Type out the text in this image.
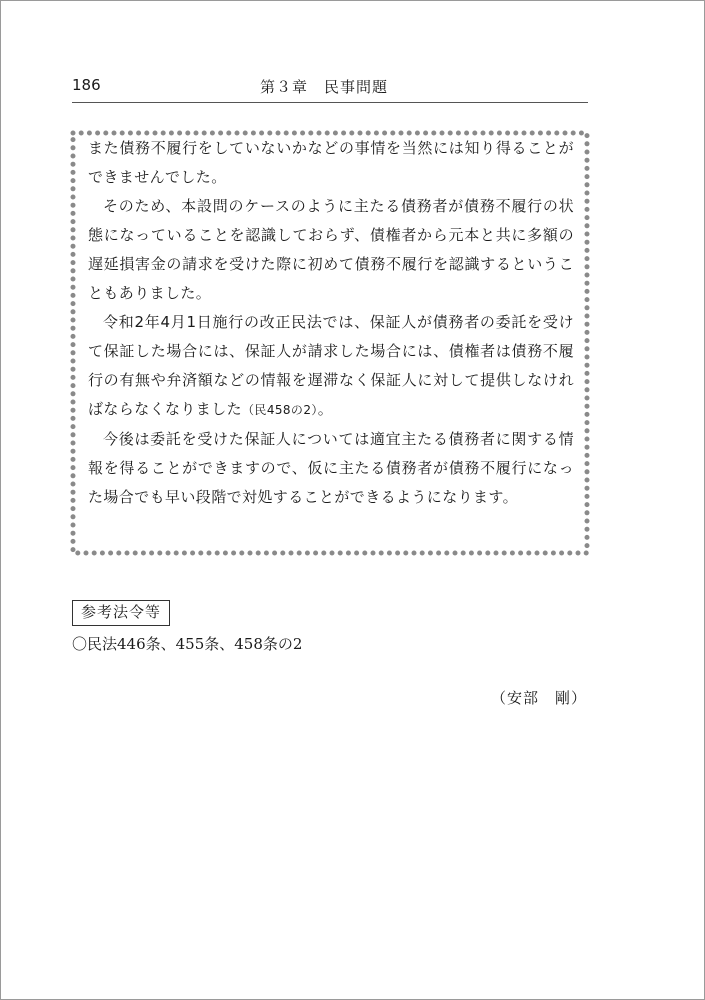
186	第３章　民事問題

また債務不履行をしていないかなどの事情を当然には知り得ることができませんでした。

そのため、本設問のケースのように主たる債務者が債務不履行の状態になっていることを認識しておらず、債権者から元本と共に多額の遅延損害金の請求を受けた際に初めて債務不履行を認識するということもありました。

令和2年4月1日施行の改正民法では、保証人が債務者の委託を受けて保証した場合には、保証人が請求した場合には、債権者は債務不履行の有無や弁済額などの情報を遅滞なく保証人に対して提供しなければならなくなりました（民458の2）。

今後は委託を受けた保証人については適宜主たる債務者に関する情報を得ることができますので、仮に主たる債務者が債務不履行になった場合でも早い段階で対処することができるようになります。

参考法令等
〇民法446条、455条、458条の2
（安部　剛）
